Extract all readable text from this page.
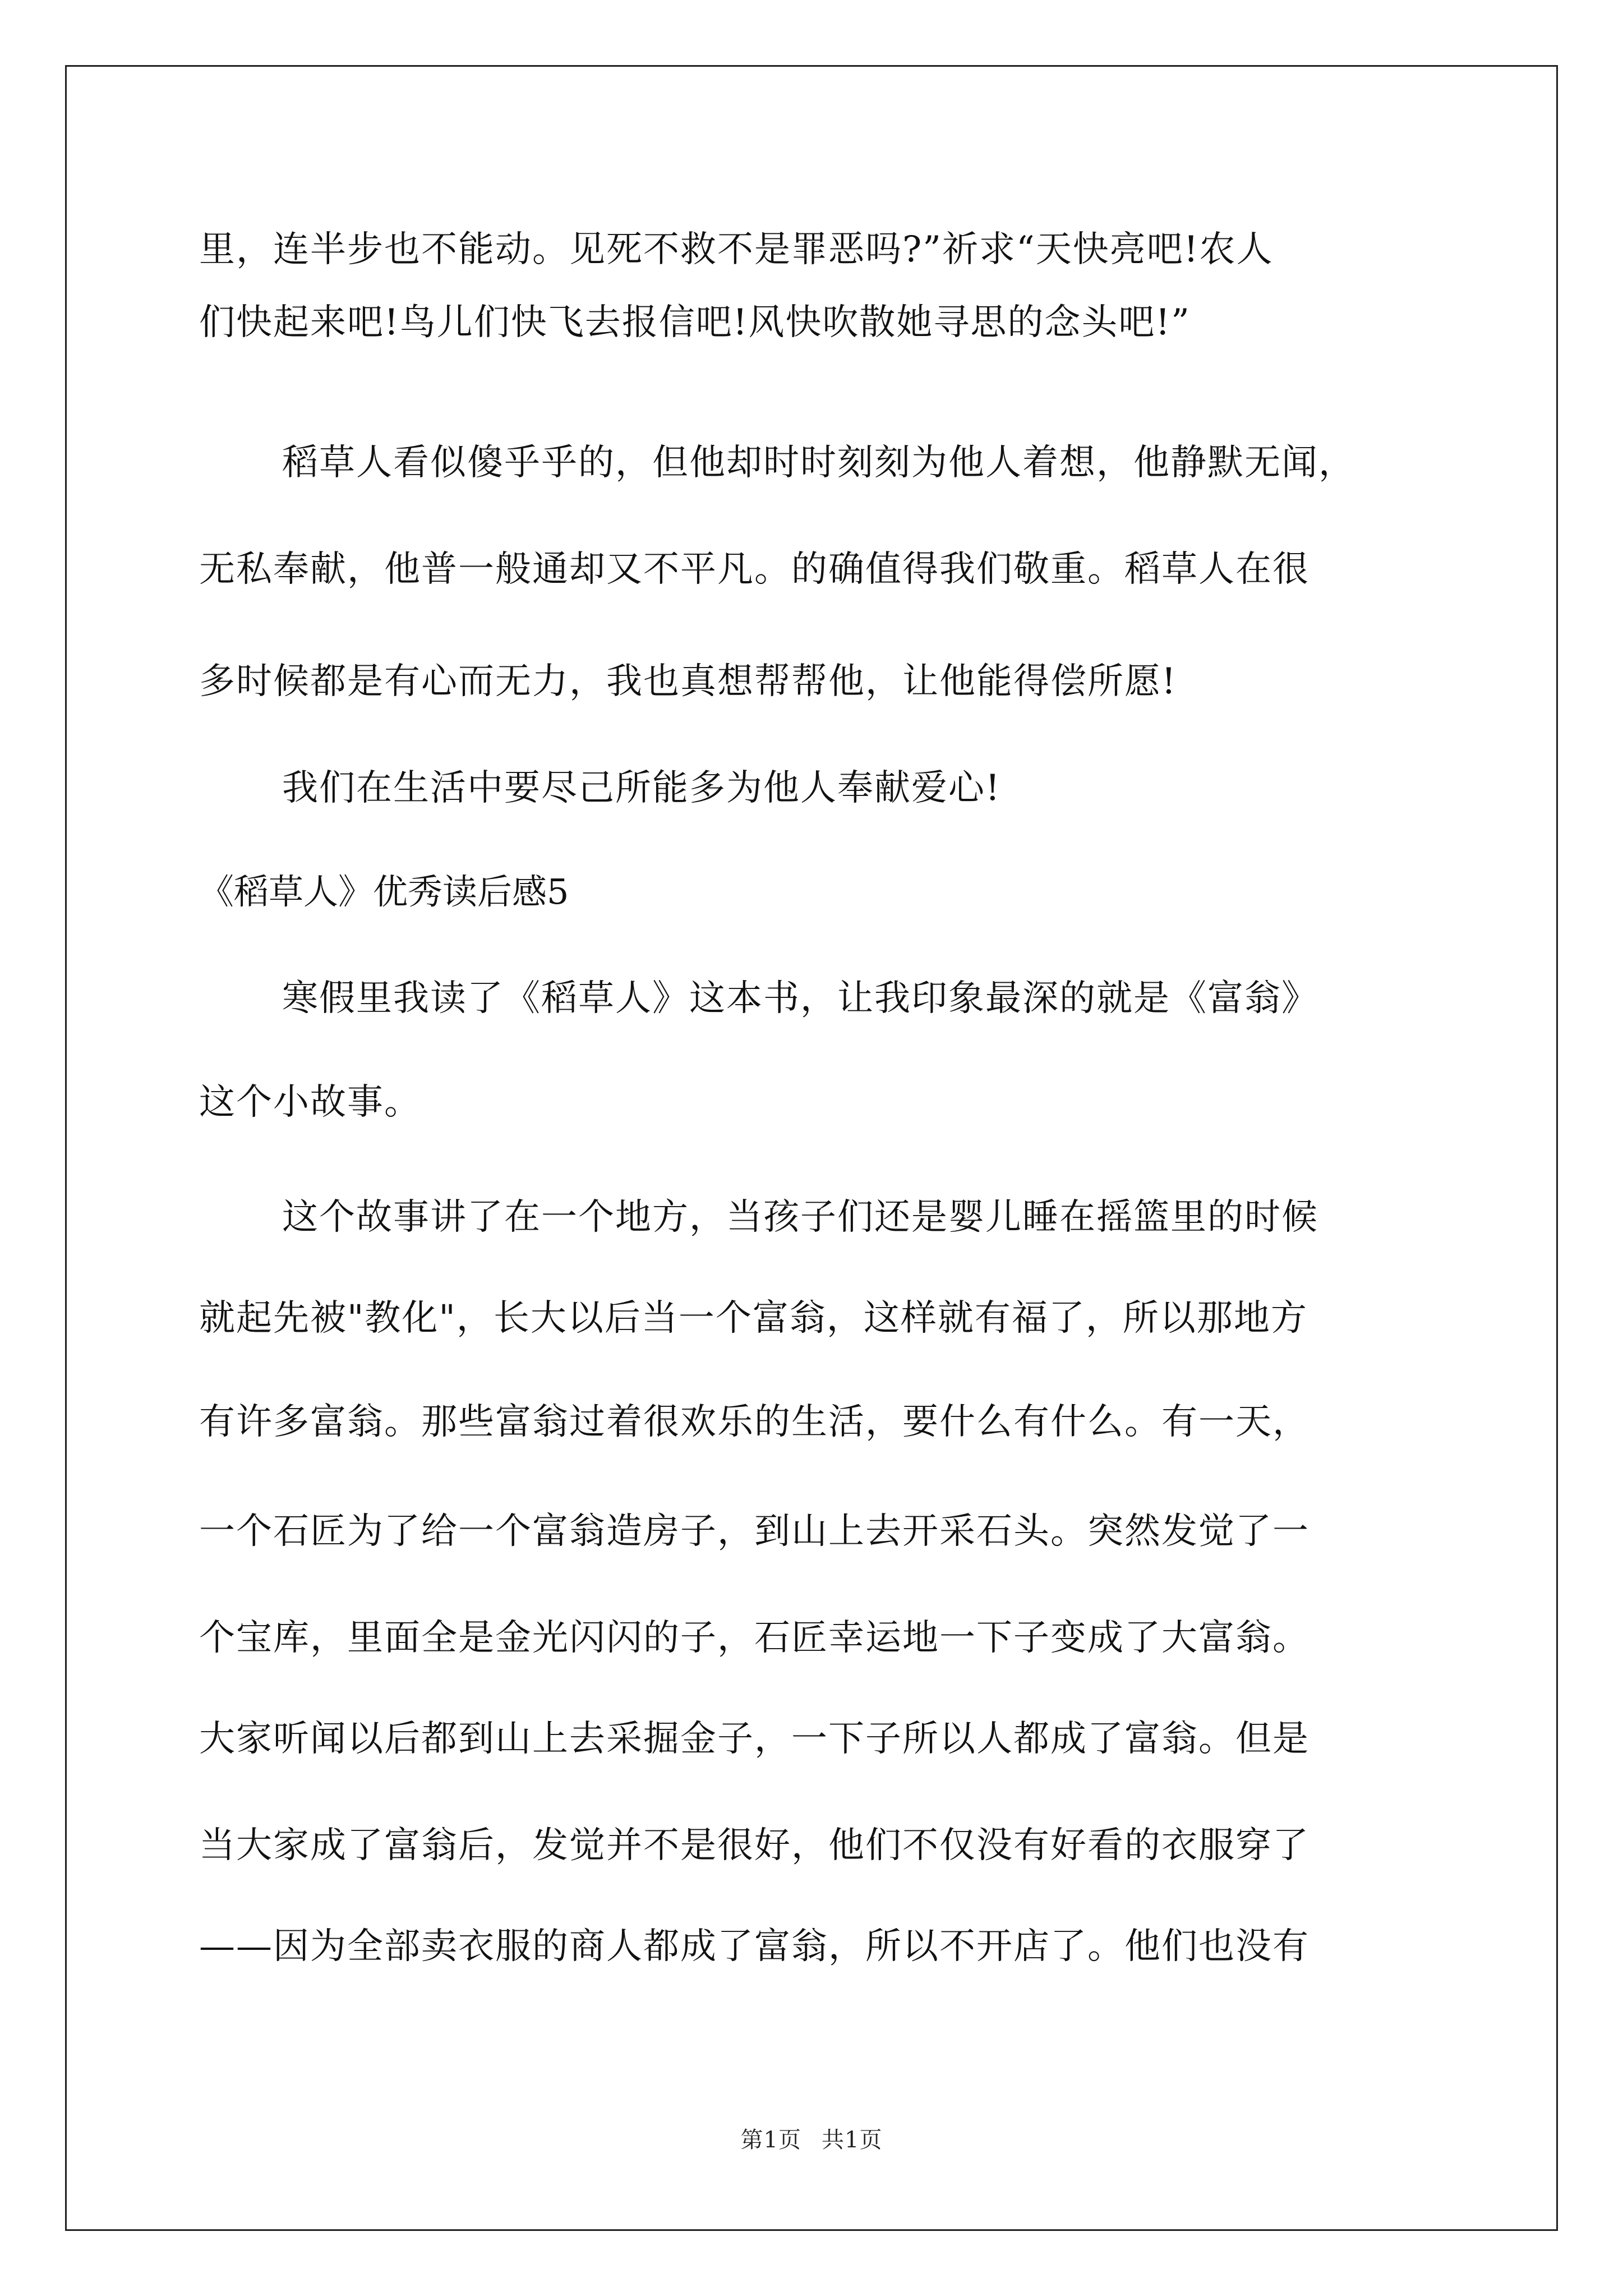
里，连半步也不能动。见死不救不是罪恶吗?”祈求“天快亮吧!农人
们快起来吧!鸟儿们快飞去报信吧!风快吹散她寻思的念头吧!”
稻草人看似傻乎乎的，但他却时时刻刻为他人着想，他静默无闻，
无私奉献，他普一般通却又不平凡。的确值得我们敬重。稻草人在很
多时候都是有心而无力，我也真想帮帮他，让他能得偿所愿!
我们在生活中要尽己所能多为他人奉献爱心!
《稻草人》优秀读后感5
寒假里我读了《稻草人》这本书，让我印象最深的就是《富翁》
这个小故事。
这个故事讲了在一个地方，当孩子们还是婴儿睡在摇篮里的时候
就起先被"教化"，长大以后当一个富翁，这样就有福了，所以那地方
有许多富翁。那些富翁过着很欢乐的生活，要什么有什么。有一天，
一个石匠为了给一个富翁造房子，到山上去开采石头。突然发觉了一
个宝库，里面全是金光闪闪的子，石匠幸运地一下子变成了大富翁。
大家听闻以后都到山上去采掘金子，一下子所以人都成了富翁。但是
当大家成了富翁后，发觉并不是很好，他们不仅没有好看的衣服穿了
——因为全部卖衣服的商人都成了富翁，所以不开店了。他们也没有
第1页 共1页
